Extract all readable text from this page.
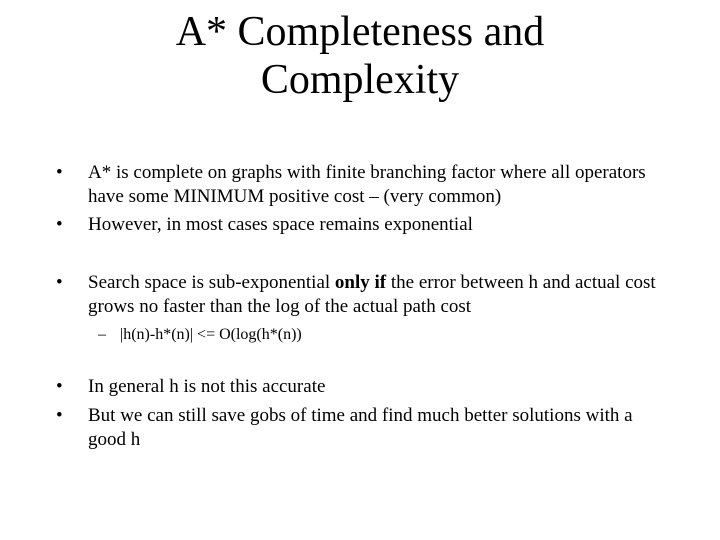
A* Completeness and
Complexity
•	A* is complete on graphs with finite branching factor where all operators have some MINIMUM positive cost – (very common)
•	However, in most cases space remains exponential
•	Search space is sub-exponential only if the error between h and actual cost grows no faster than the log of the actual path cost
– |h(n)-h*(n)| <= O(log(h*(n))
•	In general h is not this accurate
•	But we can still save gobs of time and find much better solutions with a good h
